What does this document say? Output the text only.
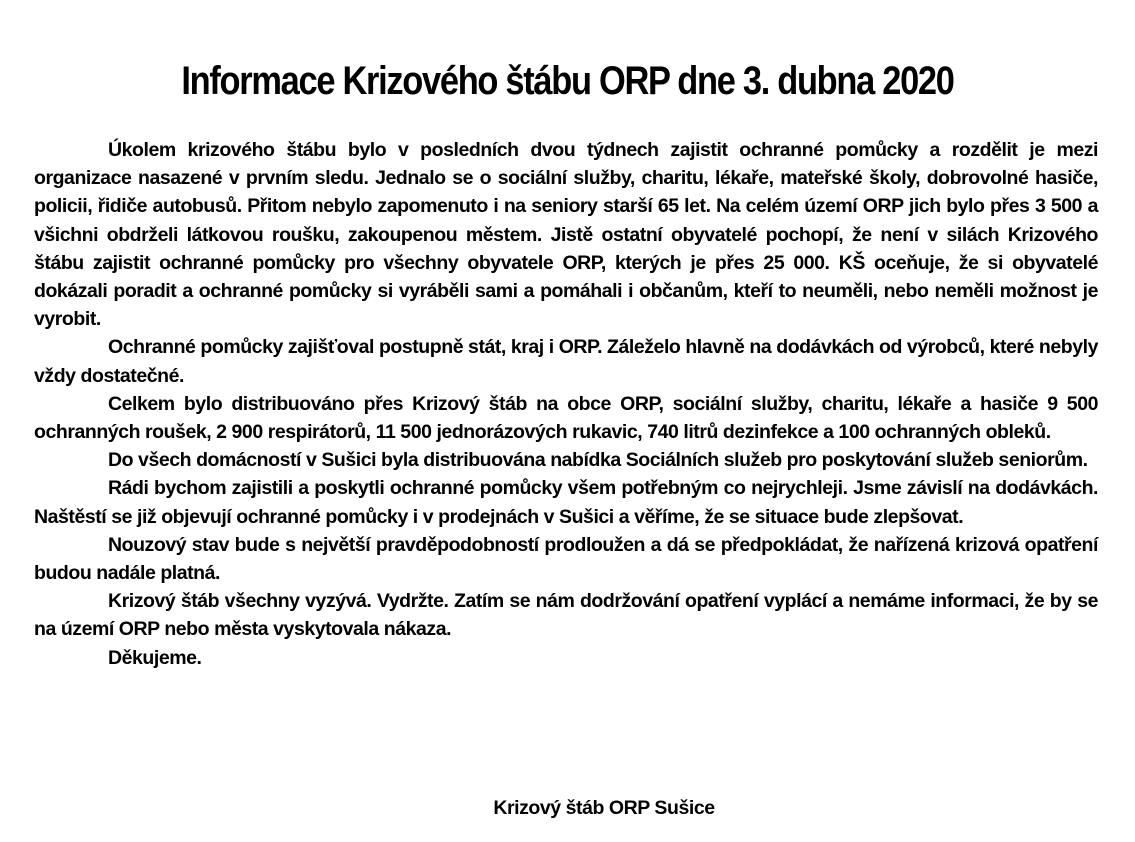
Informace Krizového štábu ORP dne 3. dubna 2020

Úkolem krizového štábu bylo v posledních dvou týdnech zajistit ochranné pomůcky a rozdělit je mezi organizace nasazené v prvním sledu. Jednalo se o sociální služby, charitu, lékaře, mateřské školy, dobrovolné hasiče, policii, řidiče autobusů. Přitom nebylo zapomenuto i na seniory starší 65 let. Na celém území ORP jich bylo přes 3 500 a všichni obdrželi látkovou roušku, zakoupenou městem. Jistě ostatní obyvatelé pochopí, že není v silách Krizového štábu zajistit ochranné pomůcky pro všechny obyvatele ORP, kterých je přes 25 000. KŠ oceňuje, že si obyvatelé dokázali poradit a ochranné pomůcky si vyráběli sami a pomáhali i občanům, kteří to neuměli, nebo neměli možnost je vyrobit.

Ochranné pomůcky zajišťoval postupně stát, kraj i ORP. Záleželo hlavně na dodávkách od výrobců, které nebyly vždy dostatečné.

Celkem bylo distribuováno přes Krizový štáb na obce ORP, sociální služby, charitu, lékaře a hasiče 9 500 ochranných roušek, 2 900 respirátorů, 11 500 jednorázových rukavic, 740 litrů dezinfekce a 100 ochranných obleků.

Do všech domácností v Sušici byla distribuována nabídka Sociálních služeb pro poskytování služeb seniorům.

Rádi bychom zajistili a poskytli ochranné pomůcky všem potřebným co nejrychleji. Jsme závislí na dodávkách. Naštěstí se již objevují ochranné pomůcky i v prodejnách v Sušici a věříme, že se situace bude zlepšovat.

Nouzový stav bude s největší pravděpodobností prodloužen a dá se předpokládat, že nařízená krizová opatření budou nadále platná.

Krizový štáb všechny vyzývá. Vydržte. Zatím se nám dodržování opatření vyplácí a nemáme informaci, že by se na území ORP nebo města vyskytovala nákaza.

Děkujeme.

Krizový štáb ORP Sušice
